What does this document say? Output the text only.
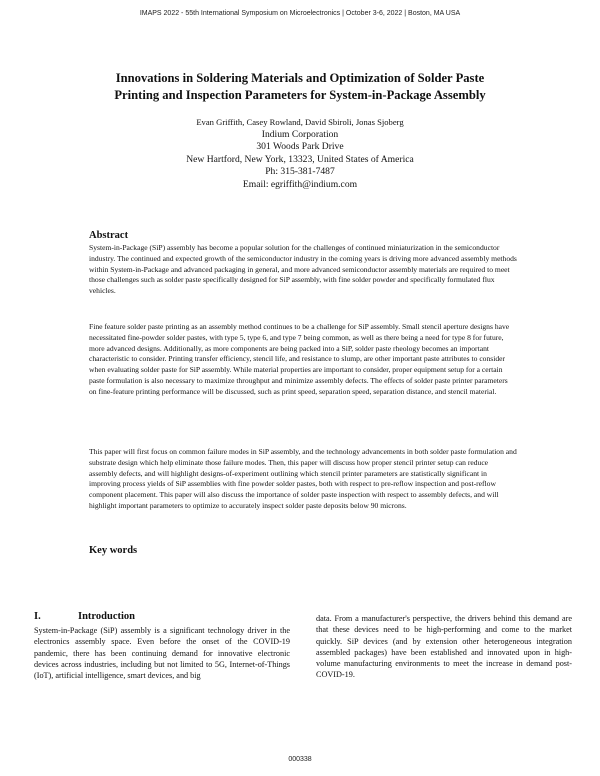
IMAPS 2022 - 55th International Symposium on Microelectronics | October 3-6, 2022 | Boston, MA USA
Innovations in Soldering Materials and Optimization of Solder Paste
Printing and Inspection Parameters for System-in-Package Assembly
Evan Griffith, Casey Rowland, David Sbiroli, Jonas Sjoberg
Indium Corporation
301 Woods Park Drive
New Hartford, New York, 13323, United States of America
Ph: 315-381-7487
Email: egriffith@indium.com
Abstract
System-in-Package (SiP) assembly has become a popular solution for the challenges of continued miniaturization in the semiconductor industry. The continued and expected growth of the semiconductor industry in the coming years is driving more advanced assembly methods within System-in-Package and advanced packaging in general, and more advanced semiconductor assembly materials are required to meet those challenges such as solder paste specifically designed for SiP assembly, with fine solder powder and specifically formulated flux vehicles.
Fine feature solder paste printing as an assembly method continues to be a challenge for SiP assembly. Small stencil aperture designs have necessitated fine-powder solder pastes, with type 5, type 6, and type 7 being common, as well as there being a need for type 8 for future, more advanced designs. Additionally, as more components are being packed into a SiP, solder paste rheology becomes an important characteristic to consider. Printing transfer efficiency, stencil life, and resistance to slump, are other important paste attributes to consider when evaluating solder paste for SiP assembly. While material properties are important to consider, proper equipment setup for a certain paste formulation is also necessary to maximize throughput and minimize assembly defects. The effects of solder paste printer parameters on fine-feature printing performance will be discussed, such as print speed, separation speed, separation distance, and stencil material.
This paper will first focus on common failure modes in SiP assembly, and the technology advancements in both solder paste formulation and substrate design which help eliminate those failure modes. Then, this paper will discuss how proper stencil printer setup can reduce assembly defects, and will highlight designs-of-experiment outlining which stencil printer parameters are statistically significant in improving process yields of SiP assemblies with fine powder solder pastes, both with respect to pre-reflow inspection and post-reflow component placement. This paper will also discuss the importance of solder paste inspection with respect to assembly defects, and will highlight important parameters to optimize to accurately inspect solder paste deposits below 90 microns.
Key words
I.	Introduction
System-in-Package (SiP) assembly is a significant technology driver in the electronics assembly space. Even before the onset of the COVID-19 pandemic, there has been continuing demand for innovative electronic devices across industries, including but not limited to 5G, Internet-of-Things (IoT), artificial intelligence, smart devices, and big
data. From a manufacturer's perspective, the drivers behind this demand are that these devices need to be high-performing and come to the market quickly. SiP devices (and by extension other heterogeneous integration assembled packages) have been established and innovated upon in high-volume manufacturing environments to meet the increase in demand post-COVID-19.
000338
